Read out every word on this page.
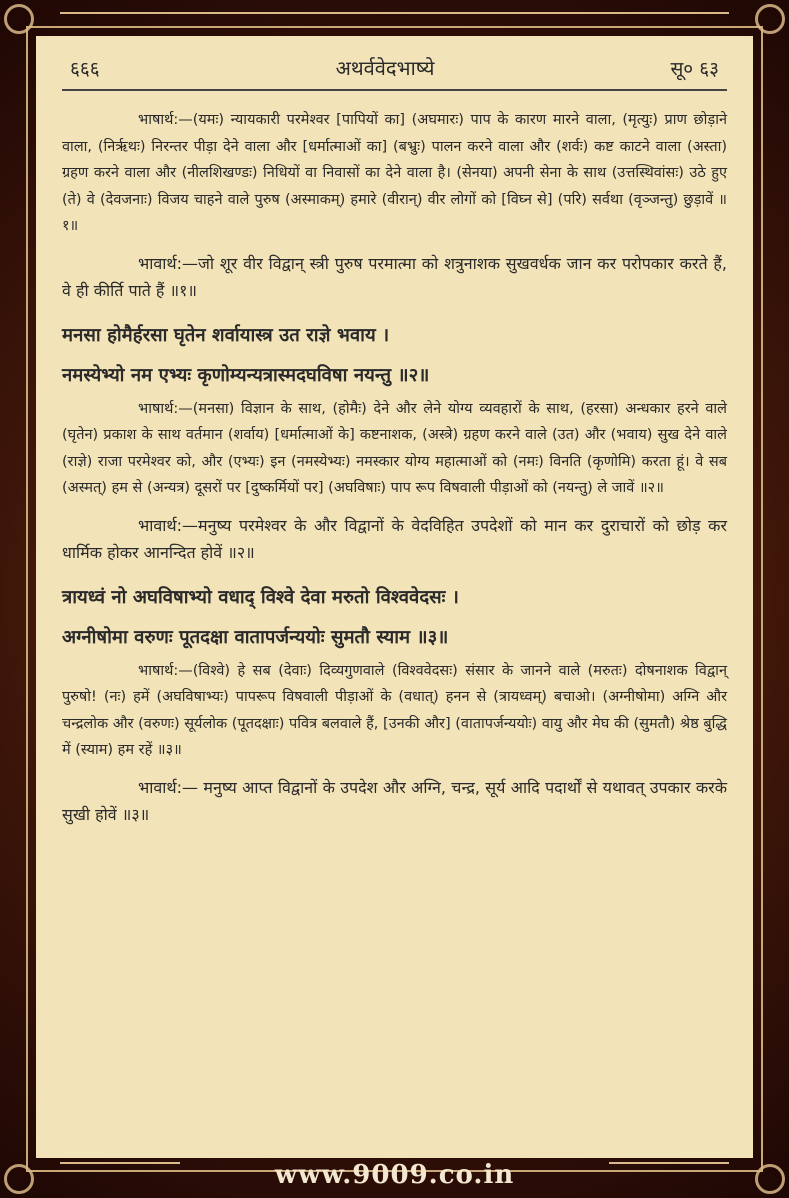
६६६	अथर्ववेदभाष्ये	सू० ६३
भाषार्थ:—(यमः) न्यायकारी परमेश्वर [पापियों का] (अघमारः) पाप के कारण मारने वाला, (मृत्युः) प्राण छोड़ाने वाला, (निर्ऋथः) निरन्तर पीड़ा देने वाला और [धर्मात्माओं का] (बभ्रुः) पालन करने वाला और (शर्वः) कष्ट काटने वाला (अस्ता) ग्रहण करने वाला और (नीलशिखण्डः) निधियों वा निवासों का देने वाला है। (सेनया) अपनी सेना के साथ (उत्तस्थिवांसः) उठे हुए (ते) वे (देवजनाः) विजय चाहने वाले पुरुष (अस्माकम्) हमारे (वीरान्) वीर लोगों को [विघ्न से] (परि) सर्वथा (वृञ्जन्तु) छुड़ावें ॥१॥
भावार्थ:—जो शूर वीर विद्वान् स्त्री पुरुष परमात्मा को शत्रुनाशक सुखवर्धक जान कर परोपकार करते हैं, वे ही कीर्ति पाते हैं ॥१॥
मनसा होमैर्हरसा घृतेन शर्वायास्त्र उत राज्ञे भवाय ।
नमस्येभ्यो नम एभ्यः कृणोम्यन्यत्रास्मदघविषा नयन्तु ॥२॥
भाषार्थ:—(मनसा) विज्ञान के साथ, (होमैः) देने और लेने योग्य व्यवहारों के साथ, (हरसा) अन्धकार हरने वाले (घृतेन) प्रकाश के साथ वर्तमान (शर्वाय) [धर्मात्माओं के] कष्टनाशक, (अस्त्रे) ग्रहण करने वाले (उत) और (भवाय) सुख देने वाले (राज्ञे) राजा परमेश्वर को, और (एभ्यः) इन (नमस्येभ्यः) नमस्कार योग्य महात्माओं को (नमः) विनति (कृणोमि) करता हूं। वे सब (अस्मत्) हम से (अन्यत्र) दूसरों पर [दुष्कर्मियों पर] (अघविषाः) पाप रूप विषवाली पीड़ाओं को (नयन्तु) ले जावें ॥२॥
भावार्थ:—मनुष्य परमेश्वर के और विद्वानों के वेदविहित उपदेशों को मान कर दुराचारों को छोड़ कर धार्मिक होकर आनन्दित होवें ॥२॥
त्रायध्वं नो अघविषाभ्यो वधाद् विश्वे देवा मरुतो विश्ववेदसः ।
अग्नीषोमा वरुणः पूतदक्षा वातापर्जन्ययोः सुमतौ स्याम ॥३॥
भाषार्थ:—(विश्वे) हे सब (देवाः) दिव्यगुणवाले (विश्ववेदसः) संसार के जानने वाले (मरुतः) दोषनाशक विद्वान् पुरुषो! (नः) हमें (अघविषाभ्यः) पापरूप विषवाली पीड़ाओं के (वधात्) हनन से (त्रायध्वम्) बचाओ। (अग्नीषोमा) अग्नि और चन्द्रलोक और (वरुणः) सूर्यलोक (पूतदक्षाः) पवित्र बलवाले हैं, [उनकी और] (वातापर्जन्ययोः) वायु और मेघ की (सुमतौ) श्रेष्ठ बुद्धि में (स्याम) हम रहें ॥३॥
भावार्थ:— मनुष्य आप्त विद्वानों के उपदेश और अग्नि, चन्द्र, सूर्य आदि पदार्थों से यथावत् उपकार करके सुखी होवें ॥३॥
www.9009.co.in
